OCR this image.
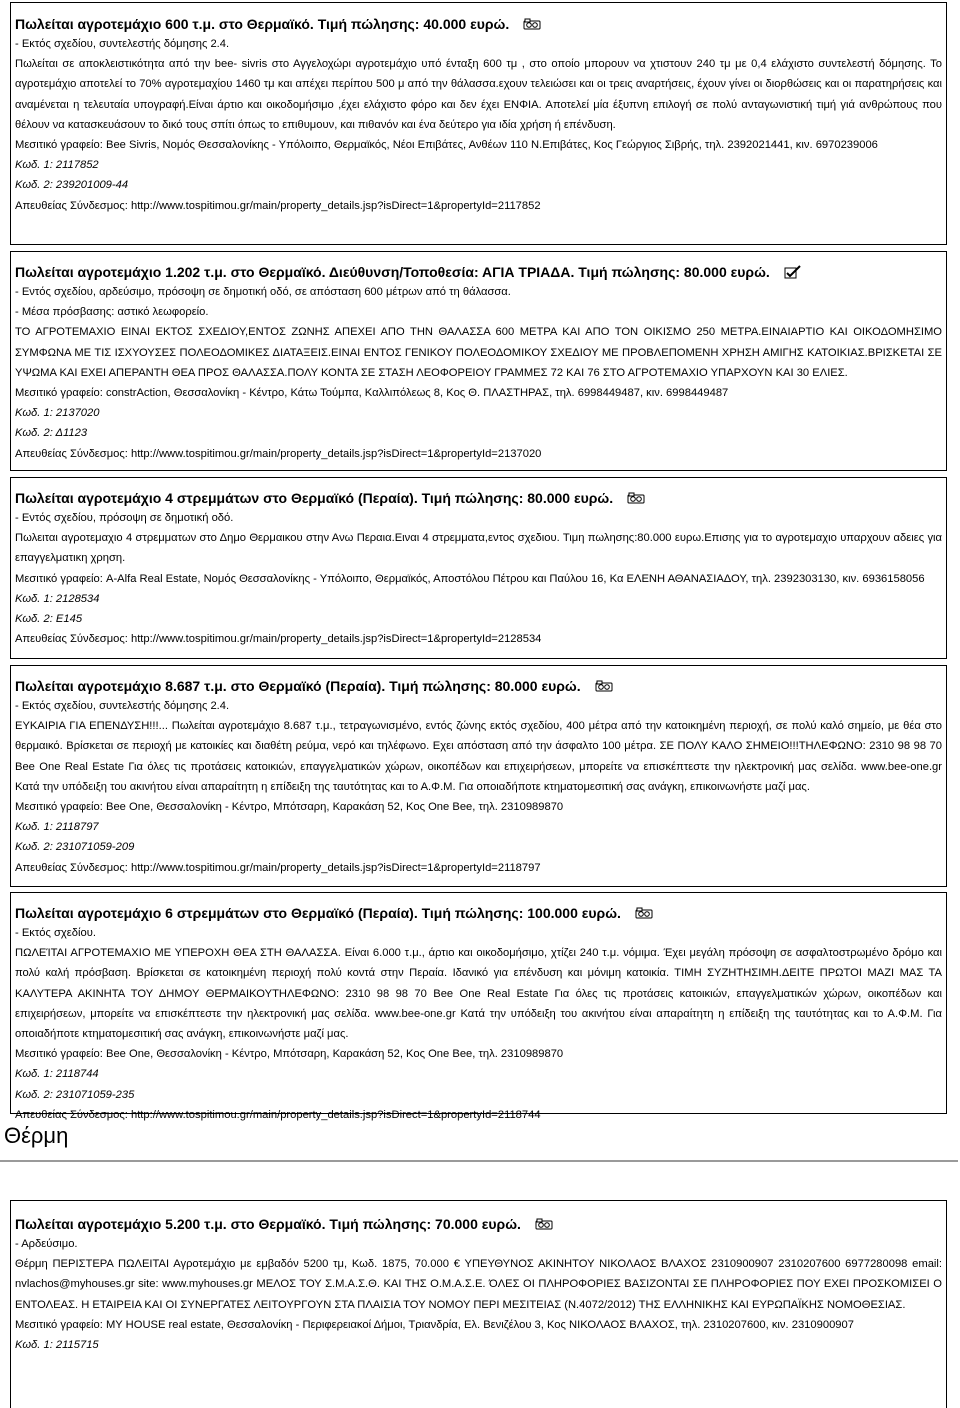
Πωλείται αγροτεμάχιο 600 τ.μ. στο Θερμαϊκό. Τιμή πώλησης: 40.000 ευρώ.
- Εκτός σχεδίου, συντελεστής δόμησης 2.4.
Πωλείται σε αποκλειστικότητα από την bee- sivris στο Αγγελοχώρι αγροτεμάχιο υπό ένταξη 600 τμ , στο οποίο μπορουν να χτιστουν 240 τμ με 0,4 ελάχιστο συντελεστή δόμησης. Το αγροτεμάχιο αποτελεί το 70% αγροτεμαχίου 1460 τμ και απέχει περίπου 500 μ από την θάλασσα.εχουν τελειώσει και οι τρεις αναρτήσεις, έχουν γίνει οι διορθώσεις και οι παρατηρήσεις και αναμένεται η τελευταία υπογραφή.Είναι άρτιο και οικοδομήσιμο ,έχει ελάχιστο φόρο και δεν έχει ΕΝΦΙΑ. Αποτελεί μία έξυπνη επιλογή σε πολύ ανταγωνιστική τιμή γιά ανθρώπους που θέλουν να κατασκευάσουν το δικό τους σπίτι όπως το επιθυμουν, και πιθανόν και ένα δεύτερο για ιδία χρήση ή επένδυση.
Μεσιτικό γραφείο: Bee Sivris, Νομός Θεσσαλονίκης - Υπόλοιπο, Θερμαϊκός, Νέοι Επιβάτες, Ανθέων 110 Ν.Επιβάτες, Κος Γεώργιος Σιβρής, τηλ. 2392021441, κιν. 6970239006
Κωδ. 1: 2117852
Κωδ. 2: 239201009-44
Απευθείας Σύνδεσμος: http://www.tospitimou.gr/main/property_details.jsp?isDirect=1&propertyId=2117852
Πωλείται αγροτεμάχιο 1.202 τ.μ. στο Θερμαϊκό. Διεύθυνση/Τοποθεσία: ΑΓΙΑ ΤΡΙΑΔΑ. Τιμή πώλησης: 80.000 ευρώ.
- Εντός σχεδίου, αρδεύσιμο, πρόσοψη σε δημοτική οδό, σε απόσταση 600 μέτρων από τη θάλασσα.
- Μέσα πρόσβασης: αστικό λεωφορείο.
ΤΟ ΑΓΡΟΤΕΜΑΧΙΟ ΕΙΝΑΙ ΕΚΤΟΣ ΣΧΕΔΙΟΥ,ΕΝΤΟΣ ΖΩΝΗΣ ΑΠΕΧΕΙ ΑΠΟ ΤΗΝ ΘΑΛΑΣΣΑ 600 ΜΕΤΡΑ ΚΑΙ ΑΠΟ ΤΟΝ ΟΙΚΙΣΜΟ 250 ΜΕΤΡΑ.ΕΙΝΑΙΑΡΤΙΟ ΚΑΙ ΟΙΚΟΔΟΜΗΣΙΜΟ ΣΥΜΦΩΝΑ ΜΕ ΤΙΣ ΙΣΧΥΟΥΣΕΣ ΠΟΛΕΟΔΟΜΙΚΕΣ ΔΙΑΤΑΞΕΙΣ.ΕΙΝΑΙ ΕΝΤΟΣ ΓΕΝΙΚΟΥ ΠΟΛΕΟΔΟΜΙΚΟΥ ΣΧΕΔΙΟΥ ΜΕ ΠΡΟΒΛΕΠΟΜΕΝΗ ΧΡΗΣΗ ΑΜΙΓΗΣ ΚΑΤΟΙΚΙΑΣ.ΒΡΙΣΚΕΤΑΙ ΣΕ ΥΨΩΜΑ ΚΑΙ ΕΧΕΙ ΑΠΕΡΑΝΤΗ ΘΕΑ ΠΡΟΣ ΘΑΛΑΣΣΑ.ΠΟΛΥ ΚΟΝΤΑ ΣΕ ΣΤΑΣΗ ΛΕΟΦΟΡΕΙΟΥ ΓΡΑΜΜΕΣ 72 ΚΑΙ 76 ΣΤΟ ΑΓΡΟΤΕΜΑΧΙΟ ΥΠΑΡΧΟΥΝ ΚΑΙ 30 ΕΛΙΕΣ.
Μεσιτικό γραφείο: constrAction, Θεσσαλονίκη - Κέντρο, Κάτω Τούμπα, Καλλιπόλεως 8, Κος Θ. ΠΛΑΣΤΗΡΑΣ, τηλ. 6998449487, κιν. 6998449487
Κωδ. 1: 2137020
Κωδ. 2: Δ1123
Απευθείας Σύνδεσμος: http://www.tospitimou.gr/main/property_details.jsp?isDirect=1&propertyId=2137020
Πωλείται αγροτεμάχιο 4 στρεμμάτων στο Θερμαϊκό (Περαία). Τιμή πώλησης: 80.000 ευρώ.
- Εντός σχεδίου, πρόσοψη σε δημοτική οδό.
Πωλειται αγροτεμαχιο 4 στρεμματων στο Δημο Θερμαικου στην Ανω Περαια.Ειναι 4 στρεμματα,εντος σχεδιου. Τιμη πωλησης:80.000 ευρω.Επισης για το αγροτεμαχιο υπαρχουν αδειες για επαγγελματικη χρηση.
Μεσιτικό γραφείο: A-Alfa Real Estate, Νομός Θεσσαλονίκης - Υπόλοιπο, Θερμαϊκός, Αποστόλου Πέτρου και Παύλου 16, Κα ΕΛΕΝΗ ΑΘΑΝΑΣΙΑΔΟΥ, τηλ. 2392303130, κιν. 6936158056
Κωδ. 1: 2128534
Κωδ. 2: E145
Απευθείας Σύνδεσμος: http://www.tospitimou.gr/main/property_details.jsp?isDirect=1&propertyId=2128534
Πωλείται αγροτεμάχιο 8.687 τ.μ. στο Θερμαϊκό (Περαία). Τιμή πώλησης: 80.000 ευρώ.
- Εκτός σχεδίου, συντελεστής δόμησης 2.4.
ΕΥΚΑΙΡΙΑ ΓΙΑ ΕΠΕΝΔΥΣΗ!!!... Πωλείται αγροτεμάχιο 8.687 τ.μ., τετραγωνισμένο, εντός ζώνης εκτός σχεδίου, 400 μέτρα από την κατοικημένη περιοχή, σε πολύ καλό σημείο, με θέα στο θερμαικό. Βρίσκεται σε περιοχή με κατοικίες και διαθέτη ρεύμα, νερό και τηλέφωνο. Εχει απόσταση από την άσφαλτο 100 μέτρα. ΣΕ ΠΟΛΥ ΚΑΛΟ ΣΗΜΕΙΟ!!!ΤΗΛΕΦΩΝΟ: 2310 98 98 70 Bee One Real Estate Για όλες τις προτάσεις κατοικιών, επαγγελματικών χώρων, οικοπέδων και επιχειρήσεων, μπορείτε να επισκέπτεστε την ηλεκτρονική μας σελίδα. www.bee-one.gr Κατά την υπόδειξη του ακινήτου είναι απαραίτητη η επίδειξη της ταυτότητας και το Α.Φ.Μ. Για οποιαδήποτε κτηματομεσιτική σας ανάγκη, επικοινωνήστε μαζί μας.
Μεσιτικό γραφείο: Bee One, Θεσσαλονίκη - Κέντρο, Μπότσαρη, Καρακάση 52, Κος One Bee, τηλ. 2310989870
Κωδ. 1: 2118797
Κωδ. 2: 231071059-209
Απευθείας Σύνδεσμος: http://www.tospitimou.gr/main/property_details.jsp?isDirect=1&propertyId=2118797
Πωλείται αγροτεμάχιο 6 στρεμμάτων στο Θερμαϊκό (Περαία). Τιμή πώλησης: 100.000 ευρώ.
- Εκτός σχεδίου.
ΠΩΛΕΊΤΑΙ ΑΓΡΟΤΕΜΑΧΙΟ ΜΕ ΥΠΕΡΟΧΗ ΘΕΑ ΣΤΗ ΘΑΛΑΣΣΑ. Είναι 6.000 τ.μ., άρτιο και οικοδομήσιμο, χτίζει 240 τ.μ. νόμιμα. Έχει μεγάλη πρόσοψη σε ασφαλτοστρωμένο δρόμο και πολύ καλή πρόσβαση. Βρίσκεται σε κατοικημένη περιοχή πολύ κοντά στην Περαία. Ιδανικό για επένδυση και μόνιμη κατοικία. ΤΙΜΗ ΣΥΖΗΤΗΣΙΜΗ.ΔΕΙΤΕ ΠΡΩΤΟΙ ΜΑΖΙ ΜΑΣ ΤΑ ΚΑΛΥΤΕΡΑ ΑΚΙΝΗΤΑ ΤΟΥ ΔΗΜΟΥ ΘΕΡΜΑΙΚΟΥΤΗΛΕΦΩΝΟ: 2310 98 98 70 Bee One Real Estate Για όλες τις προτάσεις κατοικιών, επαγγελματικών χώρων, οικοπέδων και επιχειρήσεων, μπορείτε να επισκέπτεστε την ηλεκτρονική μας σελίδα. www.bee-one.gr Κατά την υπόδειξη του ακινήτου είναι απαραίτητη η επίδειξη της ταυτότητας και το Α.Φ.Μ. Για οποιαδήποτε κτηματομεσιτική σας ανάγκη, επικοινωνήστε μαζί μας.
Μεσιτικό γραφείο: Bee One, Θεσσαλονίκη - Κέντρο, Μπότσαρη, Καρακάση 52, Κος One Bee, τηλ. 2310989870
Κωδ. 1: 2118744
Κωδ. 2: 231071059-235
Απευθείας Σύνδεσμος: http://www.tospitimou.gr/main/property_details.jsp?isDirect=1&propertyId=2118744
Θέρμη
Πωλείται αγροτεμάχιο 5.200 τ.μ. στο Θερμαϊκό. Τιμή πώλησης: 70.000 ευρώ.
- Αρδεύσιμο.
Θέρμη ΠΕΡΙΣΤΕΡΑ ΠΩΛΕΙΤΑΙ Αγροτεμάχιο με εμβαδόν 5200 τμ, Κωδ. 1875, 70.000 € ΥΠΕΥΘΥΝΟΣ ΑΚΙΝΗΤΟΥ ΝΙΚΟΛΑΟΣ ΒΛΑΧΟΣ 2310900907 2310207600 6977280098 email: nvlachos@myhouses.gr site: www.myhouses.gr ΜΕΛΟΣ ΤΟΥ Σ.Μ.Α.Σ.Θ. ΚΑΙ ΤΗΣ Ο.Μ.Α.Σ.Ε. ΌΛΕΣ ΟΙ ΠΛΗΡΟΦΟΡΙΕΣ ΒΑΣΙΖΟΝΤΑΙ ΣΕ ΠΛΗΡΟΦΟΡΙΕΣ ΠΟΥ ΕΧΕΙ ΠΡΟΣΚΟΜΙΣΕΙ Ο ΕΝΤΟΛΕΑΣ. Η ΕΤΑΙΡΕΙΑ ΚΑΙ ΟΙ ΣΥΝΕΡΓΑΤΕΣ ΛΕΙΤΟΥΡΓΟΥΝ ΣΤΑ ΠΛΑΙΣΙΑ ΤΟΥ ΝΟΜΟΥ ΠΕΡΙ ΜΕΣΙΤΕΙΑΣ (Ν.4072/2012) ΤΗΣ ΕΛΛΗΝΙΚΗΣ ΚΑΙ ΕΥΡΩΠΑΪΚΗΣ ΝΟΜΟΘΕΣΙΑΣ.
Μεσιτικό γραφείο: MY HOUSE real estate, Θεσσαλονίκη - Περιφερειακοί Δήμοι, Τριανδρία, Ελ. Βενιζέλου 3, Κος ΝΙΚΟΛΑΟΣ ΒΛΑΧΟΣ, τηλ. 2310207600, κιν. 2310900907
Κωδ. 1: 2115715
